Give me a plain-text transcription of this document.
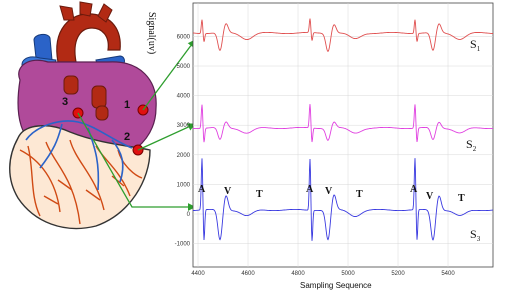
1
2
3
6000
5000
4000
3000
2000
1000
0
-1000
4400	4600	4800	5000	5200	5400
Signal(uv)
Sampling Sequence
$S_1$
$S_2$
$S_3$
A V T	A V T	A
V T
